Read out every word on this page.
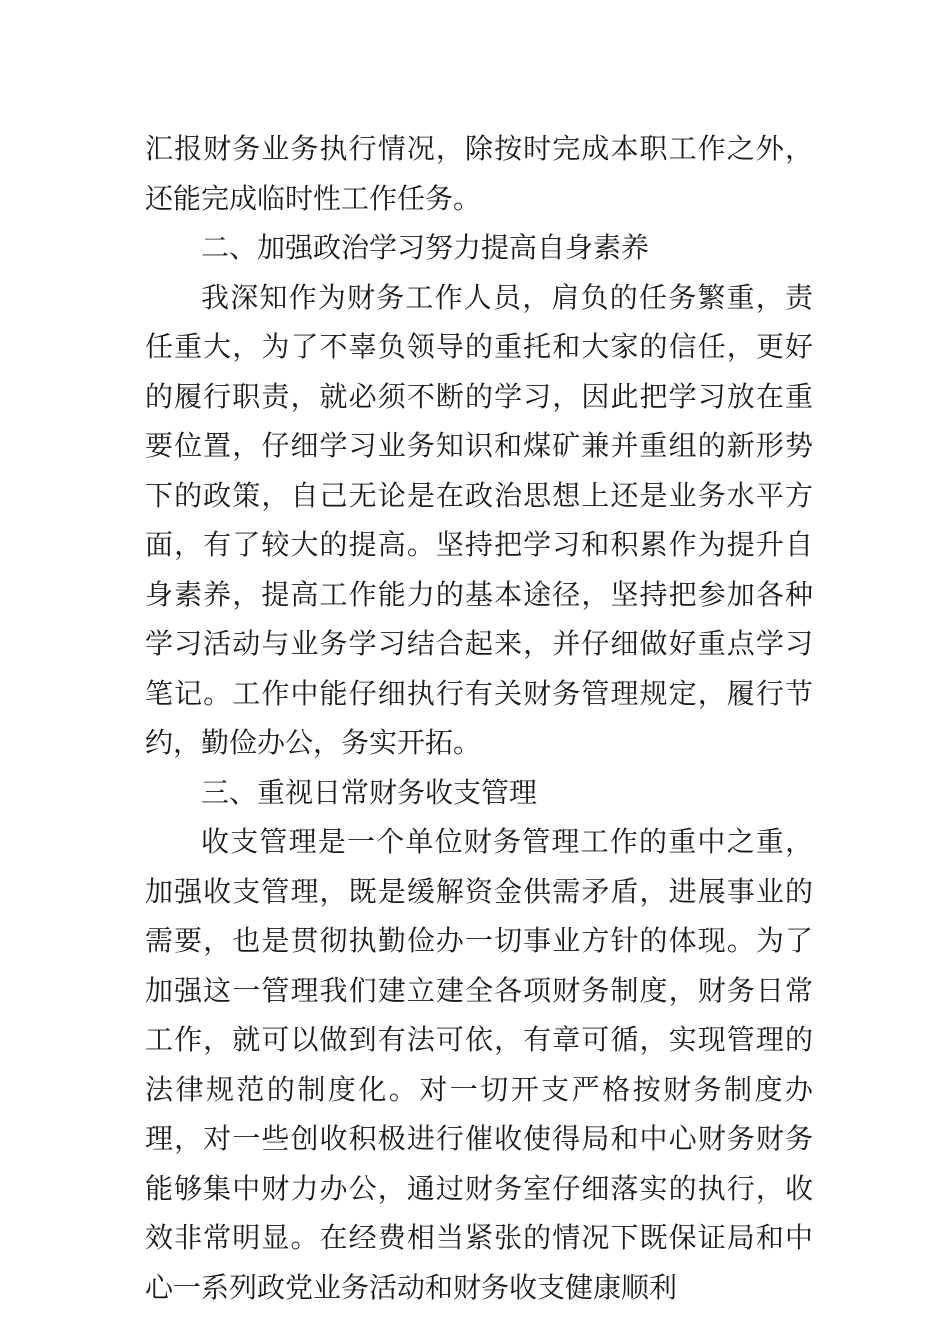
汇报财务业务执行情况，除按时完成本职工作之外，还能完成临时性工作任务。

二、加强政治学习努力提高自身素养

我深知作为财务工作人员，肩负的任务繁重，责任重大，为了不辜负领导的重托和大家的信任，更好的履行职责，就必须不断的学习，因此把学习放在重要位置，仔细学习业务知识和煤矿兼并重组的新形势下的政策，自己无论是在政治思想上还是业务水平方面，有了较大的提高。坚持把学习和积累作为提升自身素养，提高工作能力的基本途径，坚持把参加各种学习活动与业务学习结合起来，并仔细做好重点学习笔记。工作中能仔细执行有关财务管理规定，履行节约，勤俭办公，务实开拓。

三、重视日常财务收支管理

收支管理是一个单位财务管理工作的重中之重，加强收支管理，既是缓解资金供需矛盾，进展事业的需要，也是贯彻执勤俭办一切事业方针的体现。为了加强这一管理我们建立建全各项财务制度，财务日常工作，就可以做到有法可依，有章可循，实现管理的法律规范的制度化。对一切开支严格按财务制度办理，对一些创收积极进行催收使得局和中心财务财务能够集中财力办公，通过财务室仔细落实的执行，收效非常明显。在经费相当紧张的情况下既保证局和中心一系列政党业务活动和财务收支健康顺利
